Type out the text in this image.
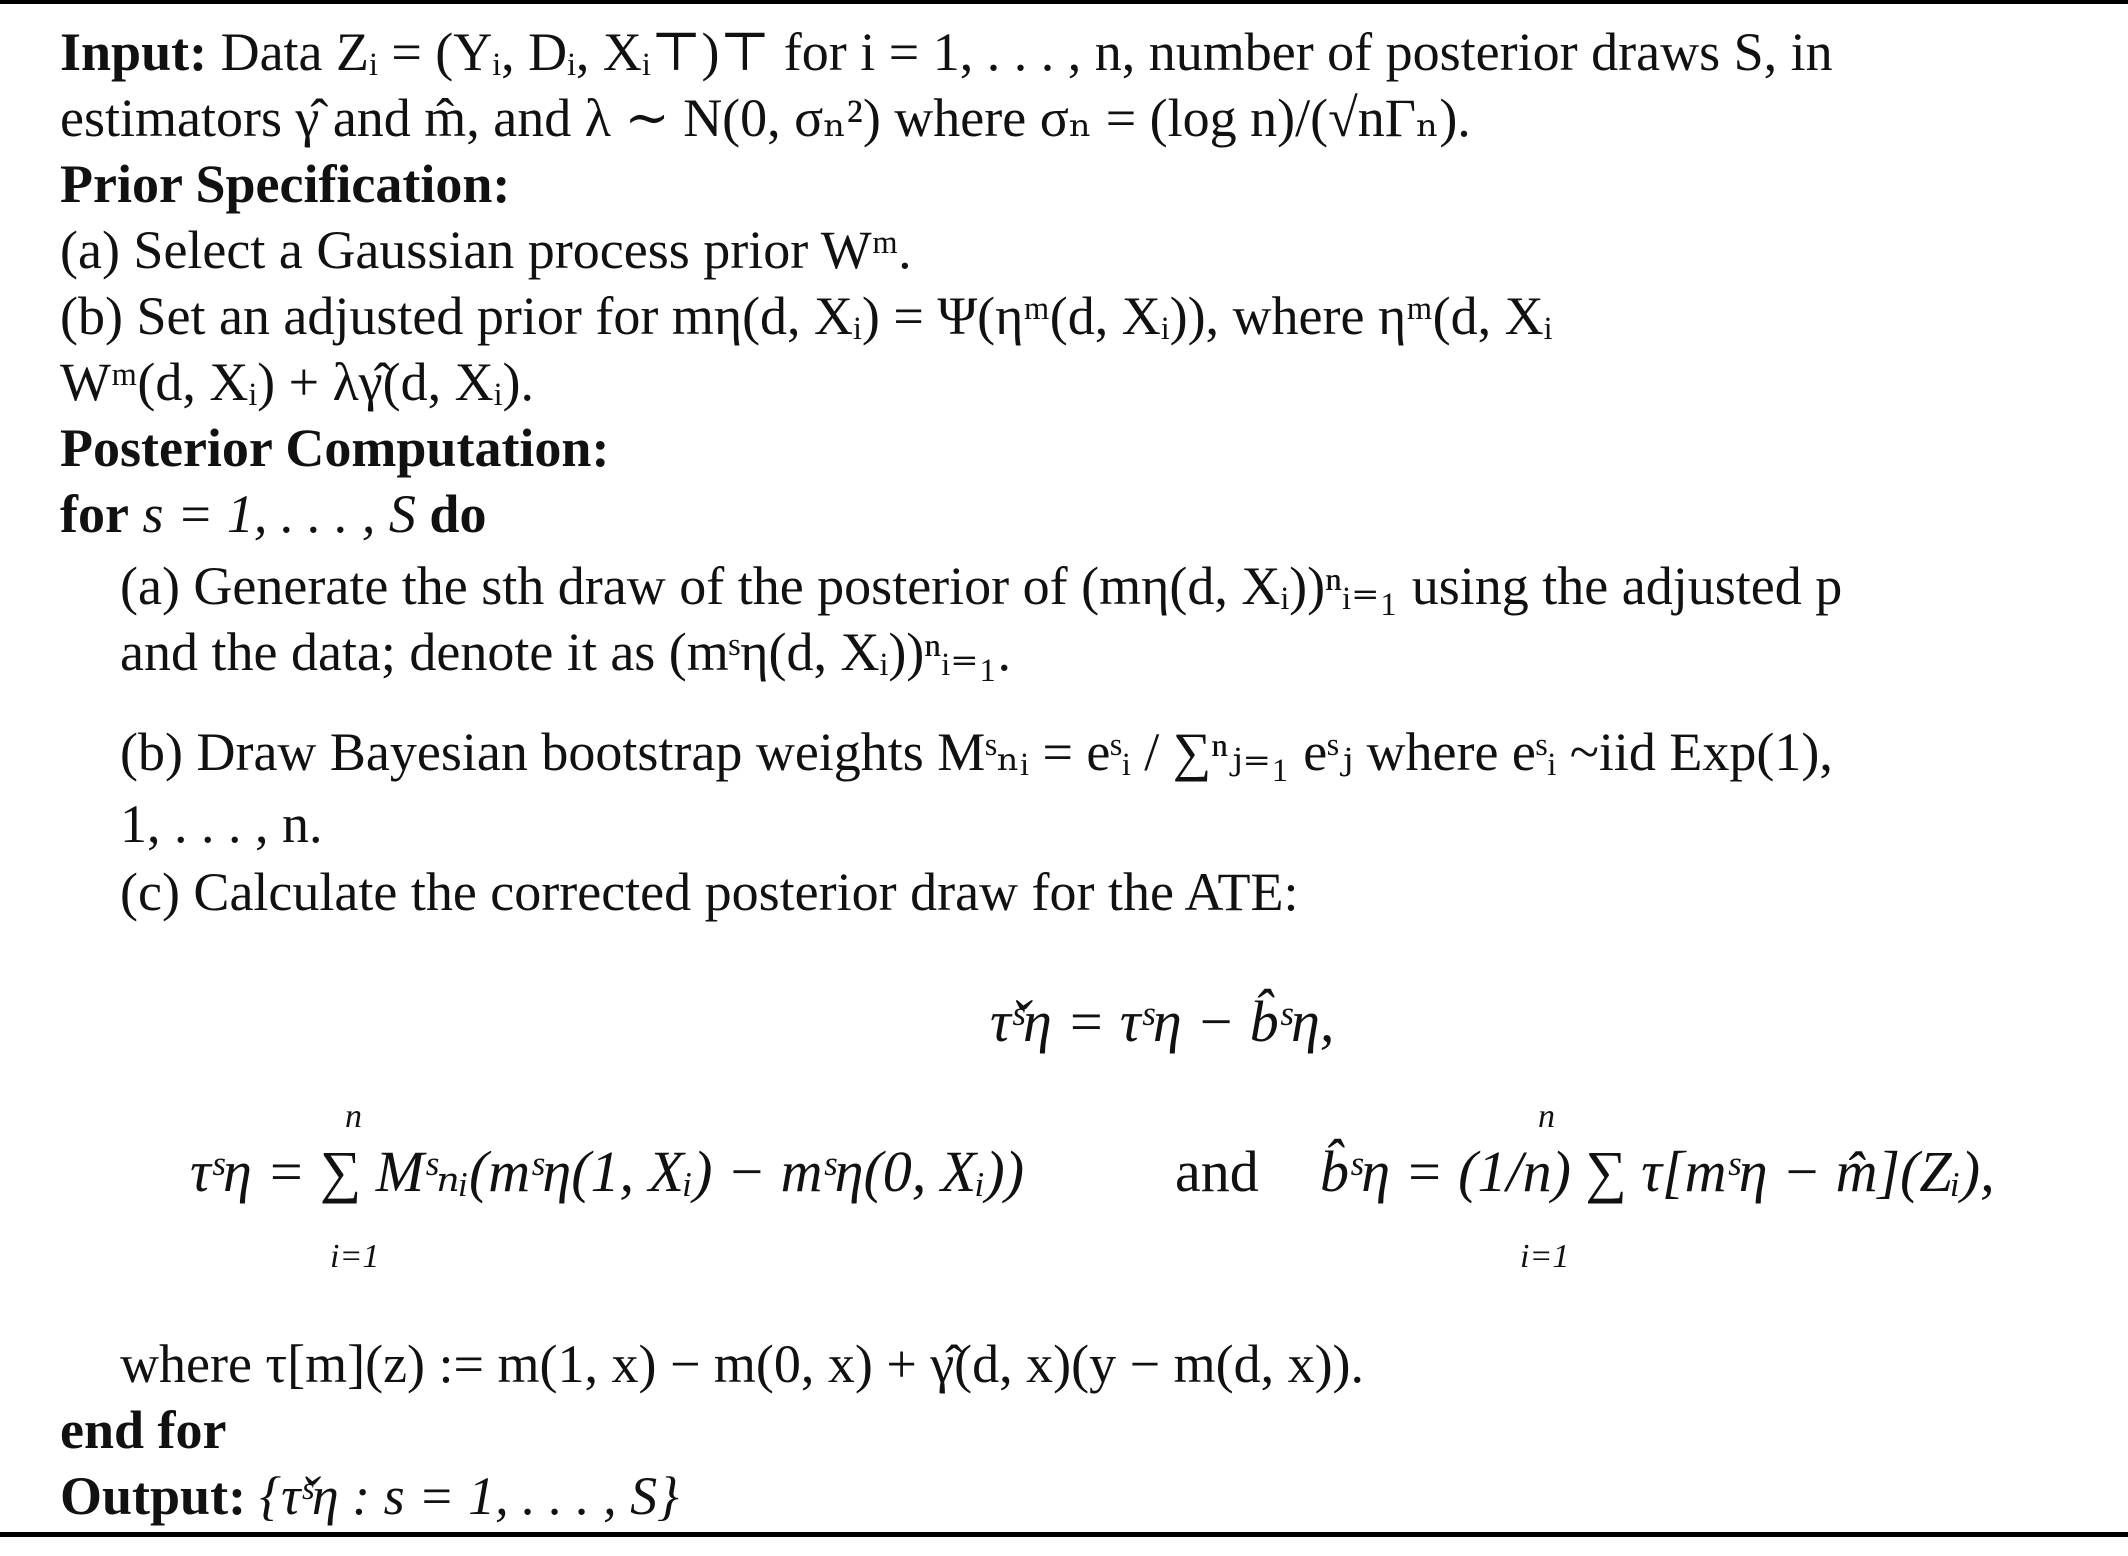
Input: Data Zᵢ = (Yᵢ, Dᵢ, Xᵢ⊤)⊤ for i = 1, . . . , n, number of posterior draws S, in
estimators γ̂ and m̂, and λ ∼ N(0, σₙ²) where σₙ = (log n)/(√nΓₙ).
Prior Specification:
(a) Select a Gaussian process prior Wᵐ.
(b) Set an adjusted prior for mη(d, Xᵢ) = Ψ(ηᵐ(d, Xᵢ)), where ηᵐ(d, Xᵢ
Wᵐ(d, Xᵢ) + λγ̂(d, Xᵢ).
Posterior Computation:
for s = 1, . . . , S do
(a) Generate the sth draw of the posterior of (mη(d, Xᵢ))ⁿᵢ₌₁ using the adjusted p
and the data; denote it as (mˢη(d, Xᵢ))ⁿᵢ₌₁.
(b) Draw Bayesian bootstrap weights Mˢₙᵢ = eˢᵢ / ∑ⁿⱼ₌₁ eˢⱼ where eˢᵢ ~iid Exp(1),
1, . . . , n.
(c) Calculate the corrected posterior draw for the ATE:
τ̌ˢη = τˢη − b̂ˢη,
τˢη = ∑ Mˢₙᵢ(mˢη(1, Xᵢ) − mˢη(0, Xᵢ))
n
i=1
and b̂ˢη = (1/n) ∑ τ[mˢη − m̂](Zᵢ),
n
i=1
where τ[m](z) := m(1, x) − m(0, x) + γ̂(d, x)(y − m(d, x)).
end for
Output: {τ̌ˢη : s = 1, . . . , S}
